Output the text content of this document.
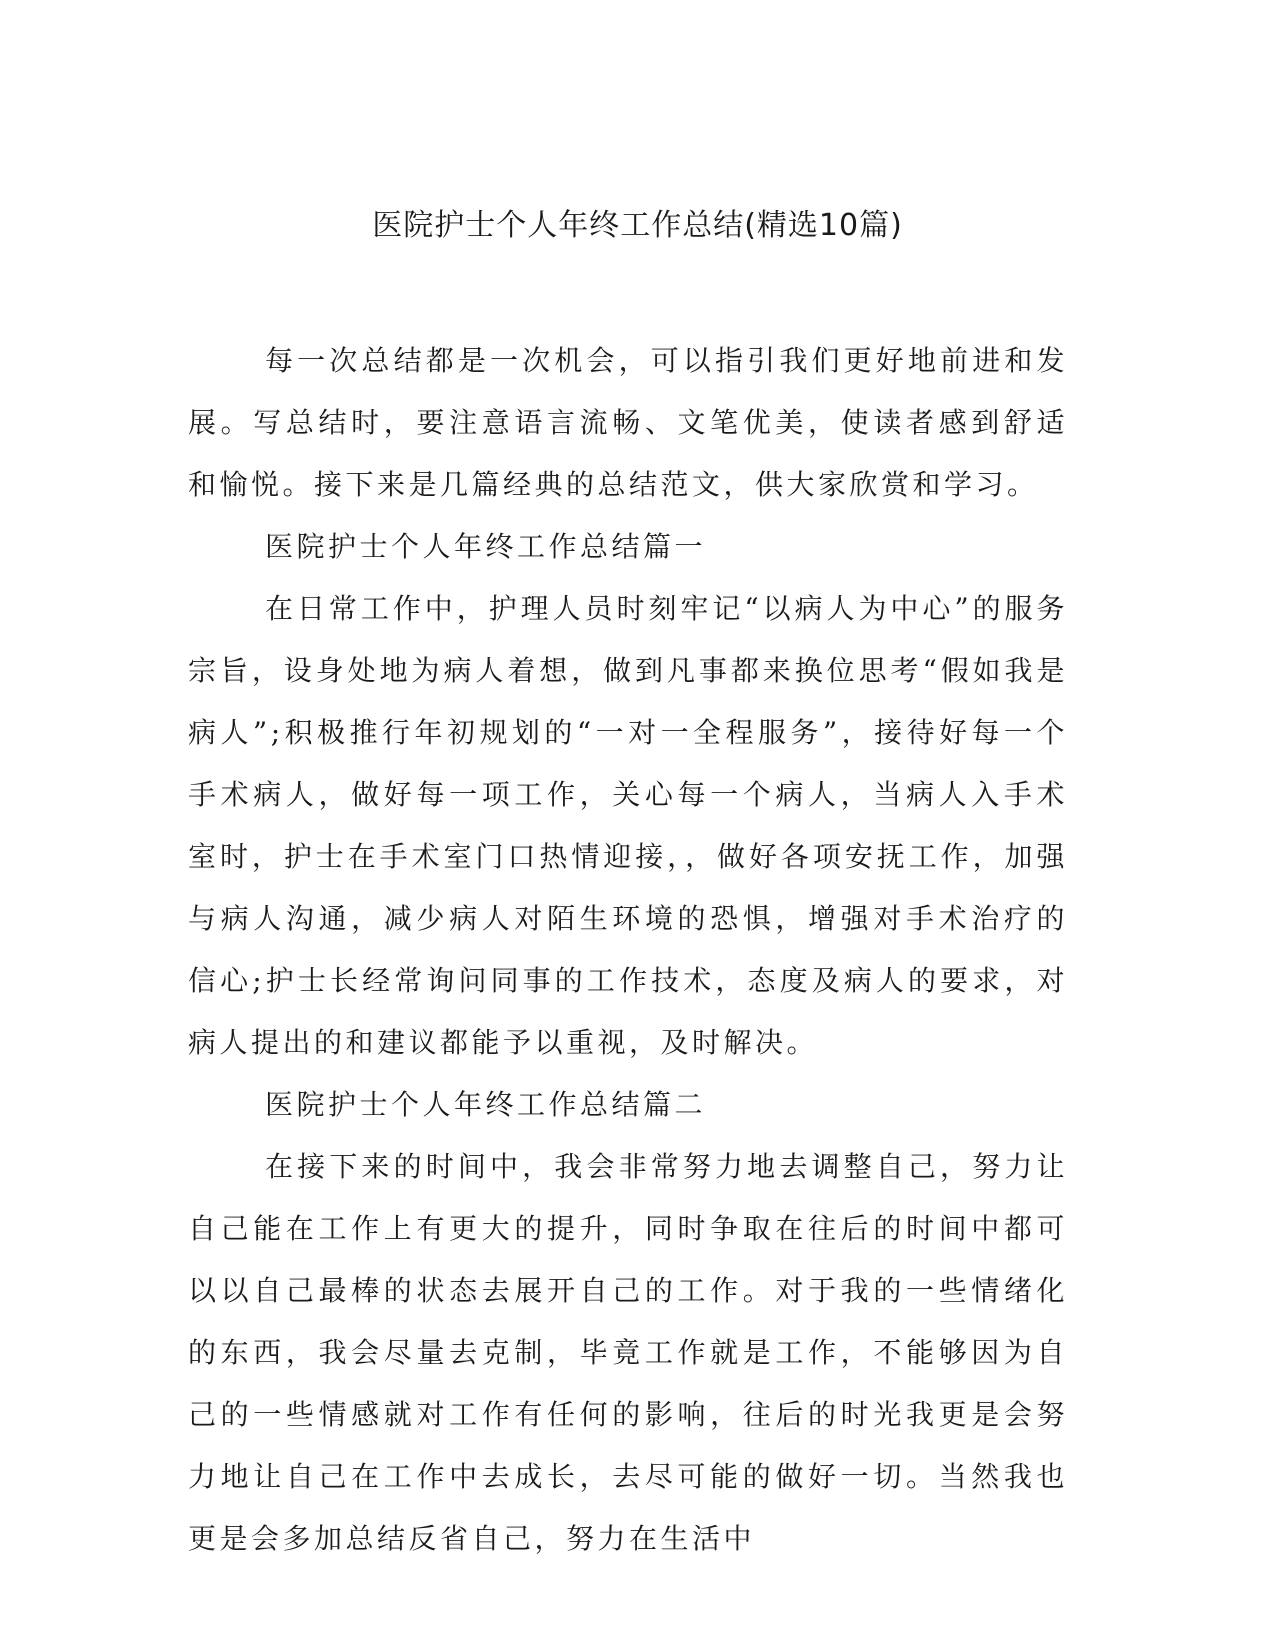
医院护士个人年终工作总结(精选10篇)

每一次总结都是一次机会，可以指引我们更好地前进和发展。写总结时，要注意语言流畅、文笔优美，使读者感到舒适和愉悦。接下来是几篇经典的总结范文，供大家欣赏和学习。

医院护士个人年终工作总结篇一

在日常工作中，护理人员时刻牢记“以病人为中心”的服务宗旨，设身处地为病人着想，做到凡事都来换位思考“假如我是病人”;积极推行年初规划的“一对一全程服务”，接待好每一个手术病人，做好每一项工作，关心每一个病人，当病人入手术室时，护士在手术室门口热情迎接，，做好各项安抚工作，加强与病人沟通，减少病人对陌生环境的恐惧，增强对手术治疗的信心;护士长经常询问同事的工作技术，态度及病人的要求，对病人提出的和建议都能予以重视，及时解决。

医院护士个人年终工作总结篇二

在接下来的时间中，我会非常努力地去调整自己，努力让自己能在工作上有更大的提升，同时争取在往后的时间中都可以以自己最棒的状态去展开自己的工作。对于我的一些情绪化的东西，我会尽量去克制，毕竟工作就是工作，不能够因为自己的一些情感就对工作有任何的影响，往后的时光我更是会努力地让自己在工作中去成长，去尽可能的做好一切。当然我也更是会多加总结反省自己，努力在生活中
